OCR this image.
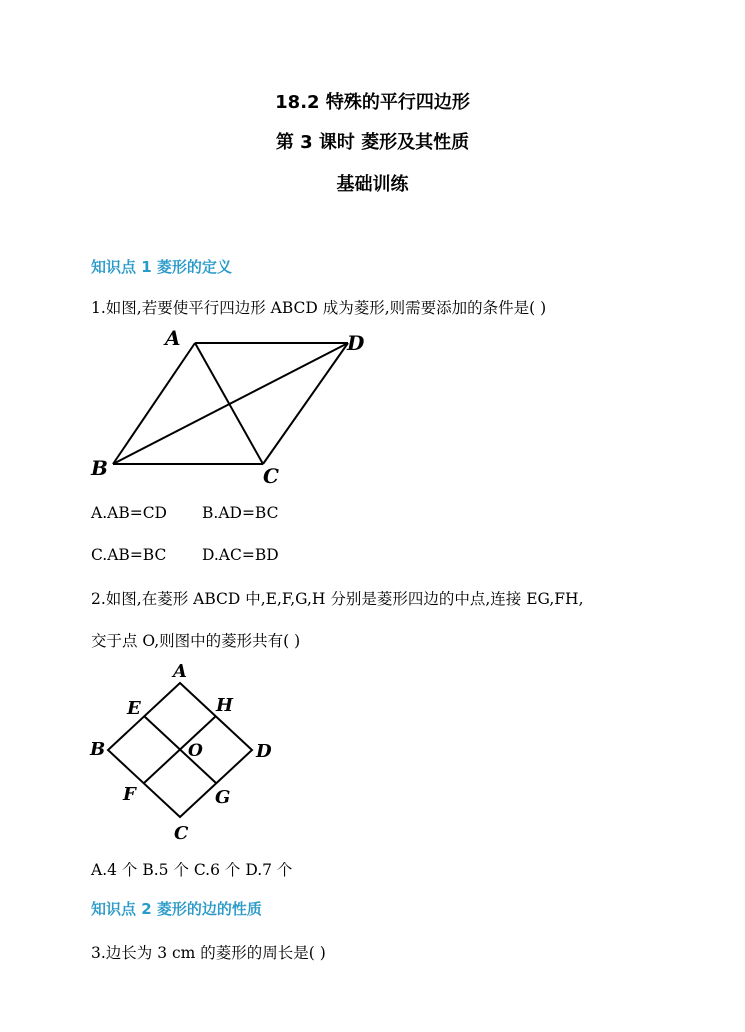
18.2 特殊的平行四边形
第 3 课时 菱形及其性质
基础训练
知识点 1 菱形的定义
1.如图,若要使平行四边形 ABCD 成为菱形,则需要添加的条件是( )
A	D
B	C
A.AB=CD B.AD=BC
C.AB=BC D.AC=BD
2.如图,在菱形 ABCD 中,E,F,G,H 分别是菱形四边的中点,连接 EG,FH,
交于点 O,则图中的菱形共有( )
A
B
C
D
E	H
F	G
O
A.4 个 B.5 个 C.6 个 D.7 个
知识点 2 菱形的边的性质
3.边长为 3 cm 的菱形的周长是( )
